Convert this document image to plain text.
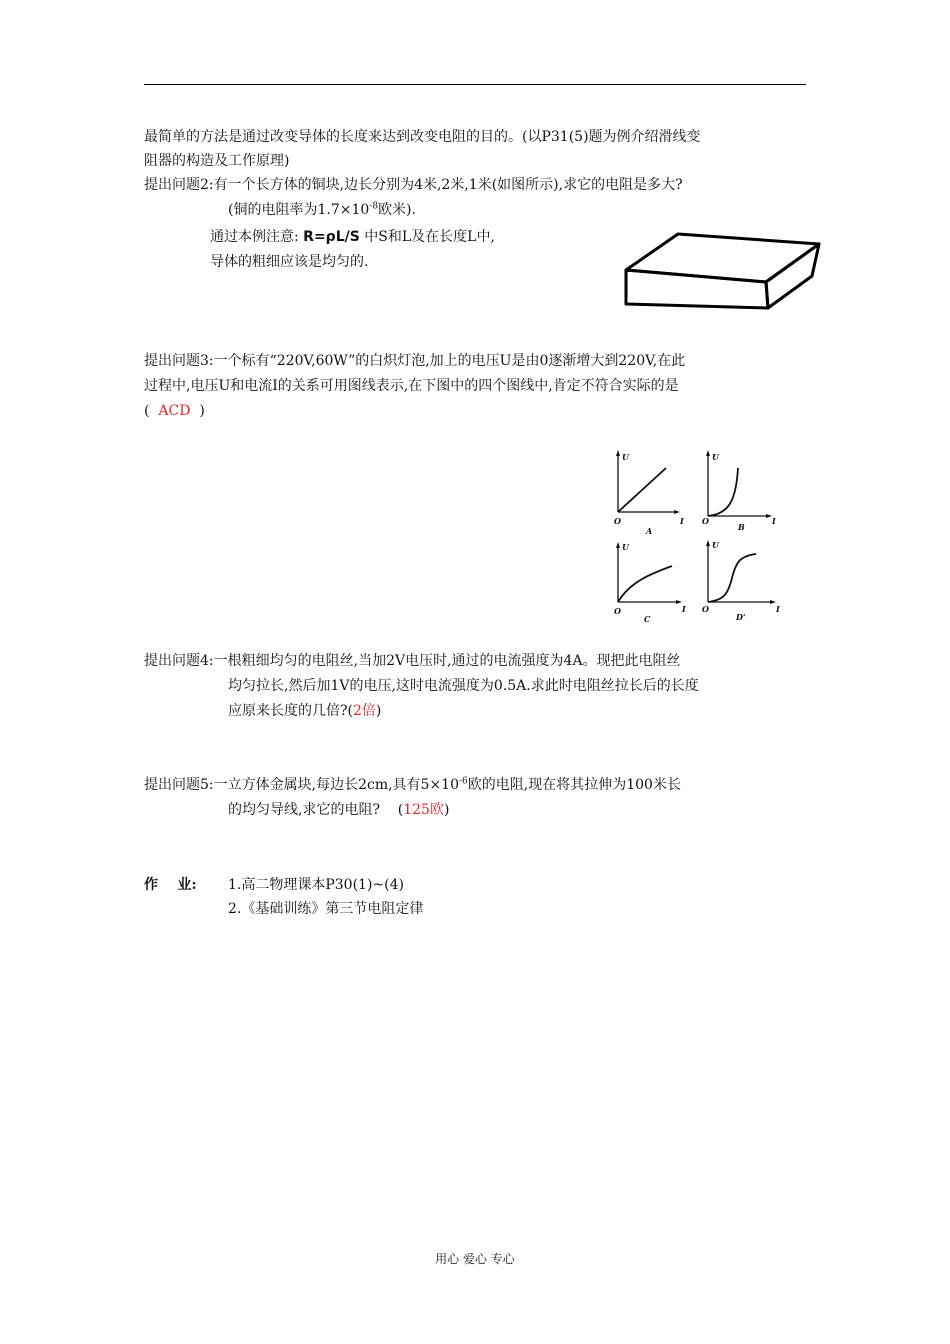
最简单的方法是通过改变导体的长度来达到改变电阻的目的。(以P31(5)题为例介绍滑线变
阻器的构造及工作原理)
提出问题2:有一个长方体的铜块,边长分别为4米,2米,1米(如图所示),求它的电阻是多大?
(铜的电阻率为$1.7\times 10^{-8}$欧米).
通过本例注意: R=ρL/S 中S和L及在长度L中,
导体的粗细应该是均匀的.
提出问题3:一个标有“220V,60W”的白炽灯泡,加上的电压U是由0逐渐增大到220V,在此
过程中,电压U和电流I的关系可用图线表示,在下图中的四个图线中,肯定不符合实际的是
( ACD )
U
I
O
A
U
I
O
B
U
I
O
C
U
I
O
D'
提出问题4:一根粗细均匀的电阻丝,当加2V电压时,通过的电流强度为4A。现把此电阻丝
均匀拉长,然后加1V的电压,这时电流强度为0.5A.求此时电阻丝拉长后的长度
应原来长度的几倍?(2倍)
提出问题5:一立方体金属块,每边长2cm,具有$5\times 10^{-6}$欧的电阻,现在将其拉伸为100米长
的均匀导线,求它的电阻?    (125欧)
作    业: 1.高二物理课本P30(1)~(4)
2.《基础训练》第三节电阻定律
用心 爱心 专心
